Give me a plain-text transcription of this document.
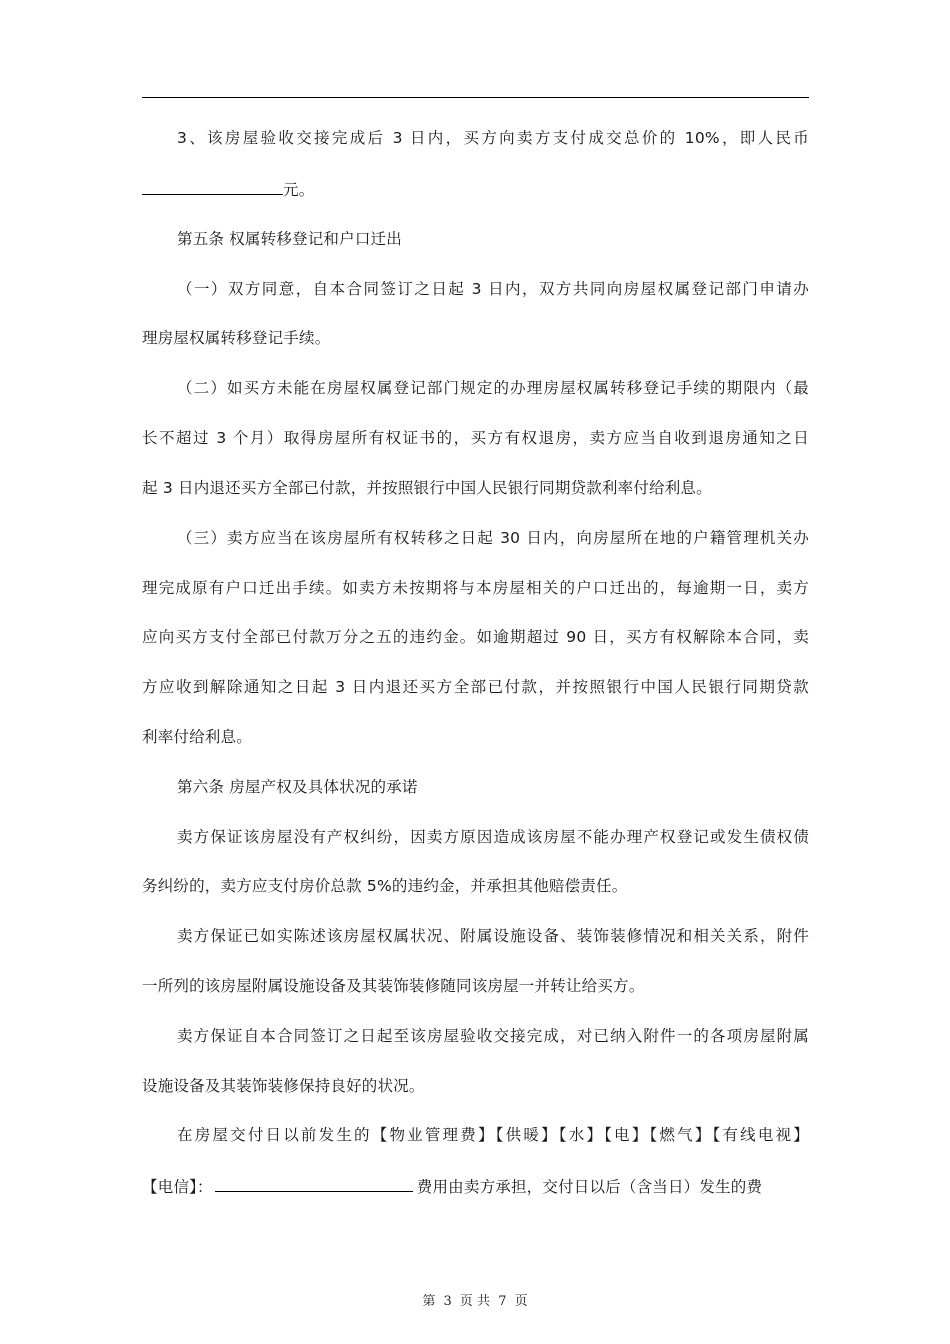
3、该房屋验收交接完成后 3 日内，买方向卖方支付成交总价的 10%，即人民币
元。
第五条 权属转移登记和户口迁出
（一）双方同意，自本合同签订之日起 3 日内，双方共同向房屋权属登记部门申请办
理房屋权属转移登记手续。
（二）如买方未能在房屋权属登记部门规定的办理房屋权属转移登记手续的期限内（最
长不超过 3 个月）取得房屋所有权证书的，买方有权退房，卖方应当自收到退房通知之日
起 3 日内退还买方全部已付款，并按照银行中国人民银行同期贷款利率付给利息。
（三）卖方应当在该房屋所有权转移之日起 30 日内，向房屋所在地的户籍管理机关办
理完成原有户口迁出手续。如卖方未按期将与本房屋相关的户口迁出的，每逾期一日，卖方
应向买方支付全部已付款万分之五的违约金。如逾期超过 90 日，买方有权解除本合同，卖
方应收到解除通知之日起 3 日内退还买方全部已付款，并按照银行中国人民银行同期贷款
利率付给利息。
第六条 房屋产权及具体状况的承诺
卖方保证该房屋没有产权纠纷，因卖方原因造成该房屋不能办理产权登记或发生债权债
务纠纷的，卖方应支付房价总款 5%的违约金，并承担其他赔偿责任。
卖方保证已如实陈述该房屋权属状况、附属设施设备、装饰装修情况和相关关系，附件
一所列的该房屋附属设施设备及其装饰装修随同该房屋一并转让给买方。
卖方保证自本合同签订之日起至该房屋验收交接完成，对已纳入附件一的各项房屋附属
设施设备及其装饰装修保持良好的状况。
在房屋交付日以前发生的【物业管理费】【供暖】【水】【电】【燃气】【有线电视】
【电信】：	费用由卖方承担，交付日以后（含当日）发生的费
第 3 页 共 7 页
